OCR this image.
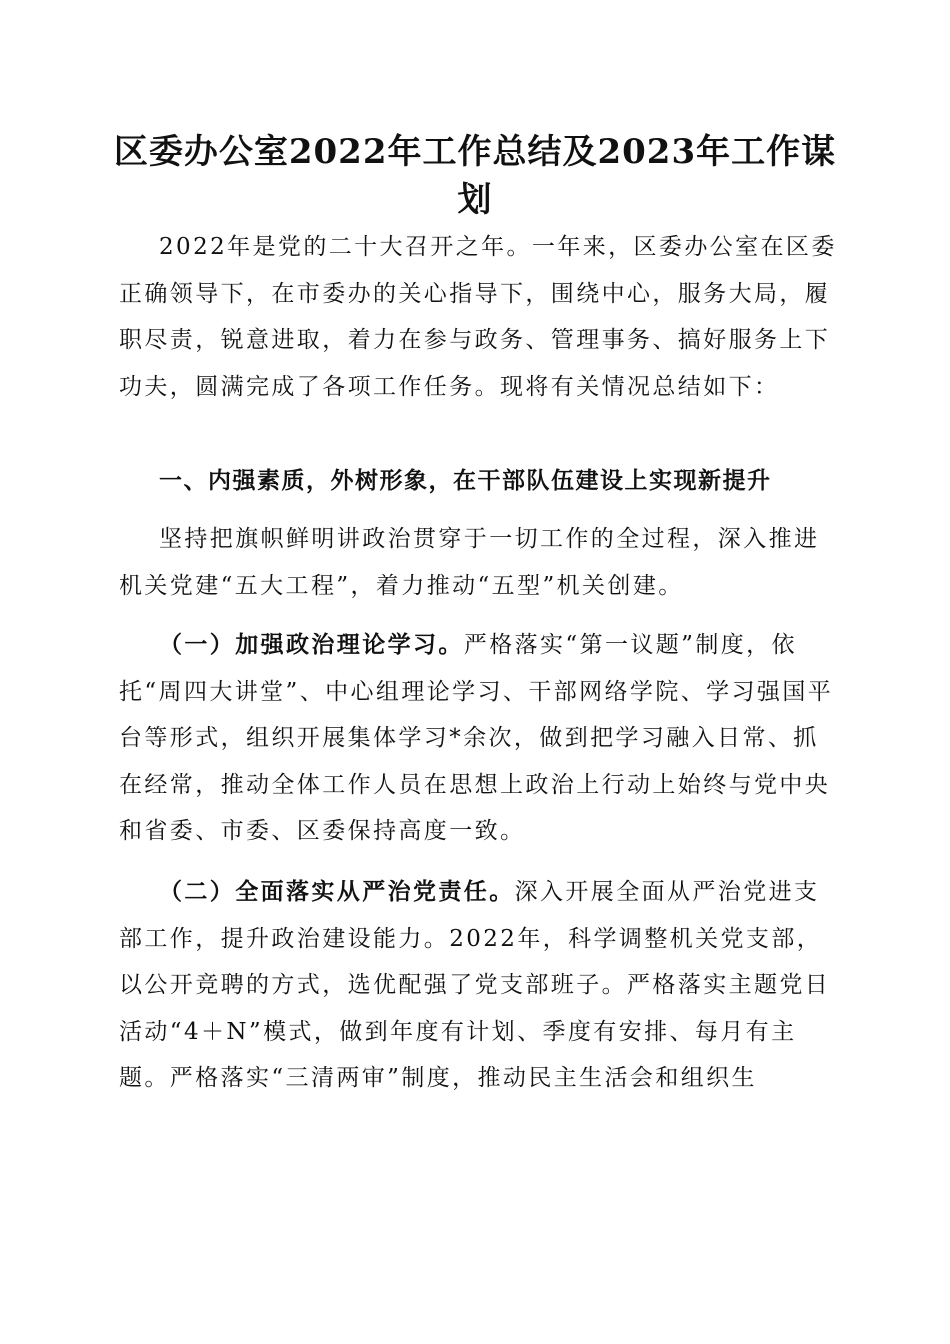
区委办公室2022年工作总结及2023年工作谋划

2022年是党的二十大召开之年。一年来，区委办公室在区委正确领导下，在市委办的关心指导下，围绕中心，服务大局，履职尽责，锐意进取，着力在参与政务、管理事务、搞好服务上下功夫，圆满完成了各项工作任务。现将有关情况总结如下：

一、内强素质，外树形象，在干部队伍建设上实现新提升

坚持把旗帜鲜明讲政治贯穿于一切工作的全过程，深入推进机关党建“五大工程”，着力推动“五型”机关创建。

（一）加强政治理论学习。严格落实“第一议题”制度，依托“周四大讲堂”、中心组理论学习、干部网络学院、学习强国平台等形式，组织开展集体学习*余次，做到把学习融入日常、抓在经常，推动全体工作人员在思想上政治上行动上始终与党中央和省委、市委、区委保持高度一致。

（二）全面落实从严治党责任。深入开展全面从严治党进支部工作，提升政治建设能力。2022年，科学调整机关党支部，以公开竞聘的方式，选优配强了党支部班子。严格落实主题党日活动“4＋N”模式，做到年度有计划、季度有安排、每月有主题。严格落实“三清两审”制度，推动民主生活会和组织生
